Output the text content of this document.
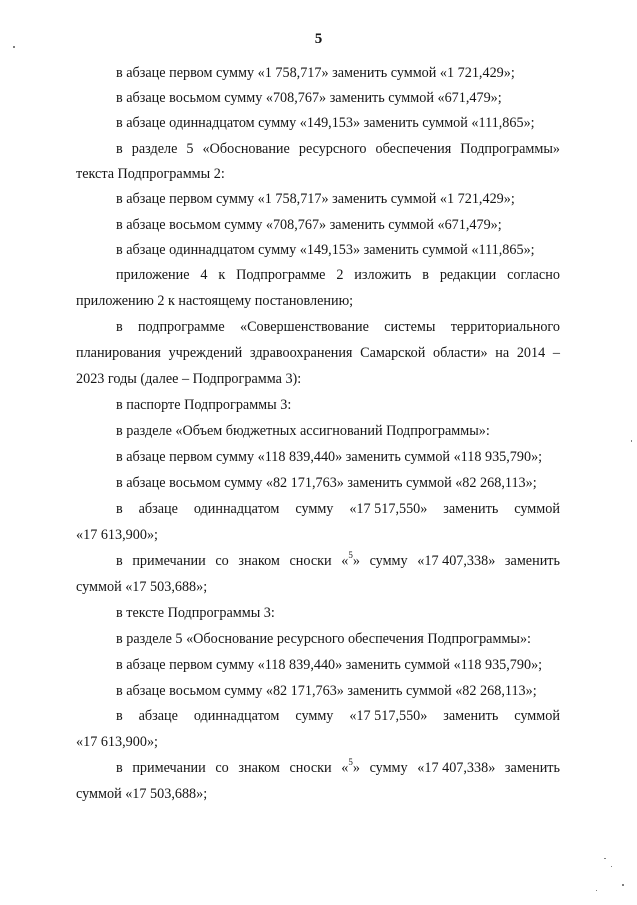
5
в абзаце первом сумму «1 758,717» заменить суммой «1 721,429»;
в абзаце восьмом сумму «708,767» заменить суммой «671,479»;
в абзаце одиннадцатом сумму «149,153» заменить суммой «111,865»;
в разделе 5 «Обоснование ресурсного обеспечения Подпрограммы»
текста Подпрограммы 2:
в абзаце первом сумму «1 758,717» заменить суммой «1 721,429»;
в абзаце восьмом сумму «708,767» заменить суммой «671,479»;
в абзаце одиннадцатом сумму «149,153» заменить суммой «111,865»;
приложение 4 к Подпрограмме 2 изложить в редакции согласно
приложению 2 к настоящему постановлению;
в подпрограмме «Совершенствование системы территориального
планирования учреждений здравоохранения Самарской области» на 2014 –
2023 годы (далее – Подпрограмма 3):
в паспорте Подпрограммы 3:
в разделе «Объем бюджетных ассигнований Подпрограммы»:
в абзаце первом сумму «118 839,440» заменить суммой «118 935,790»;
в абзаце восьмом сумму «82 171,763» заменить суммой «82 268,113»;
в абзаце одиннадцатом сумму «17 517,550» заменить суммой
«17 613,900»;
в примечании со знаком сноски «$^5$» сумму «17 407,338» заменить
суммой «17 503,688»;
в тексте Подпрограммы 3:
в разделе 5 «Обоснование ресурсного обеспечения Подпрограммы»:
в абзаце первом сумму «118 839,440» заменить суммой «118 935,790»;
в абзаце восьмом сумму «82 171,763» заменить суммой «82 268,113»;
в абзаце одиннадцатом сумму «17 517,550» заменить суммой
«17 613,900»;
в примечании со знаком сноски «$^5$» сумму «17 407,338» заменить
суммой «17 503,688»;
